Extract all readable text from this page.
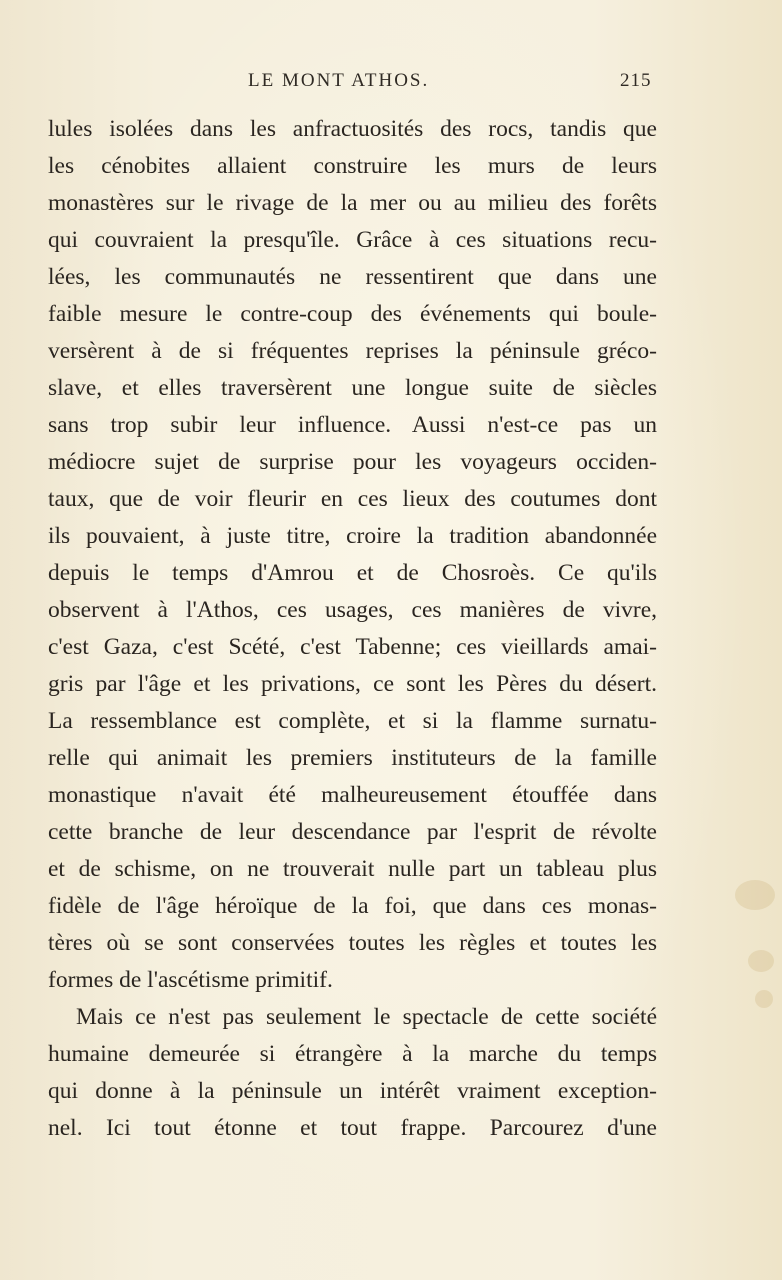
LE MONT ATHOS.	215
lules isolées dans les anfractuosités des rocs, tandis que
les cénobites allaient construire les murs de leurs
monastères sur le rivage de la mer ou au milieu des forêts
qui couvraient la presqu'île. Grâce à ces situations recu-
lées, les communautés ne ressentirent que dans une
faible mesure le contre-coup des événements qui boule-
versèrent à de si fréquentes reprises la péninsule gréco-
slave, et elles traversèrent une longue suite de siècles
sans trop subir leur influence. Aussi n'est-ce pas un
médiocre sujet de surprise pour les voyageurs occiden-
taux, que de voir fleurir en ces lieux des coutumes dont
ils pouvaient, à juste titre, croire la tradition abandonnée
depuis le temps d'Amrou et de Chosroès. Ce qu'ils
observent à l'Athos, ces usages, ces manières de vivre,
c'est Gaza, c'est Scété, c'est Tabenne; ces vieillards amai-
gris par l'âge et les privations, ce sont les Pères du désert.
La ressemblance est complète, et si la flamme surnatu-
relle qui animait les premiers instituteurs de la famille
monastique n'avait été malheureusement étouffée dans
cette branche de leur descendance par l'esprit de révolte
et de schisme, on ne trouverait nulle part un tableau plus
fidèle de l'âge héroïque de la foi, que dans ces monas-
tères où se sont conservées toutes les règles et toutes les
formes de l'ascétisme primitif.
Mais ce n'est pas seulement le spectacle de cette société
humaine demeurée si étrangère à la marche du temps
qui donne à la péninsule un intérêt vraiment exception-
nel. Ici tout étonne et tout frappe. Parcourez d'une
